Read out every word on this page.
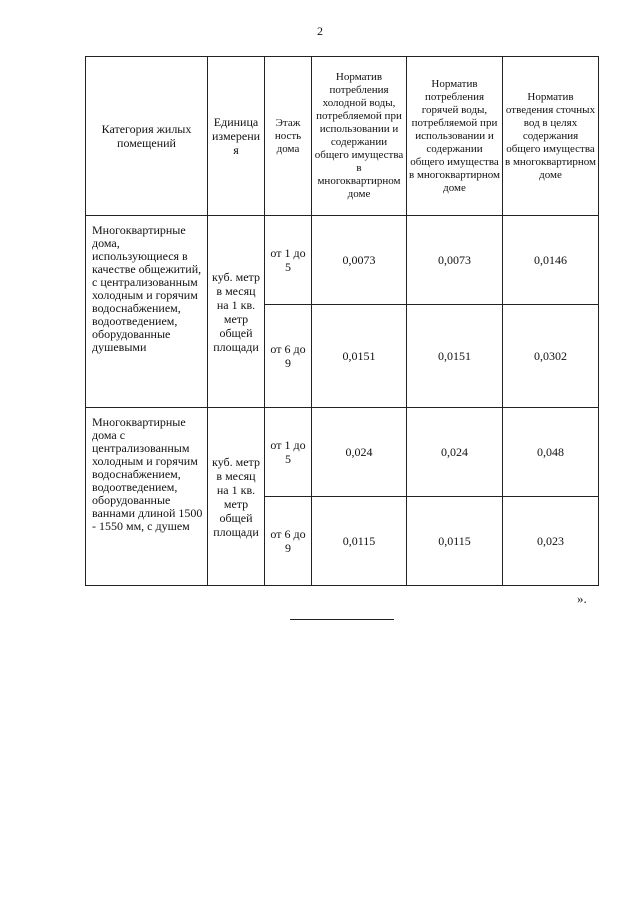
2
Категория жилых помещений	Единица измерения	Этаж ность дома	Норматив потребления холодной воды, потребляемой при использовании и содержании общего имущества в многоквартирном доме	Норматив потребления горячей воды, потребляемой при использовании и содержании общего имущества в многоквартирном доме	Норматив отведения сточных вод в целях содержания общего имущества в многоквартирном доме
Многоквартирные дома, использующиеся в качестве общежитий, с централизованным холодным и горячим водоснабжением, водоотведением, оборудованные душевыми	куб. метр в месяц на 1 кв. метр общей площади	от 1 до 5	0,0073	0,0073	0,0146
		от 6 до 9	0,0151	0,0151	0,0302
Многоквартирные дома с централизованным холодным и горячим водоснабжением, водоотведением, оборудованные ваннами длиной 1500 - 1550 мм, с душем	куб. метр в месяц на 1 кв. метр общей площади	от 1 до 5	0,024	0,024	0,048
		от 6 до 9	0,0115	0,0115	0,023
».
